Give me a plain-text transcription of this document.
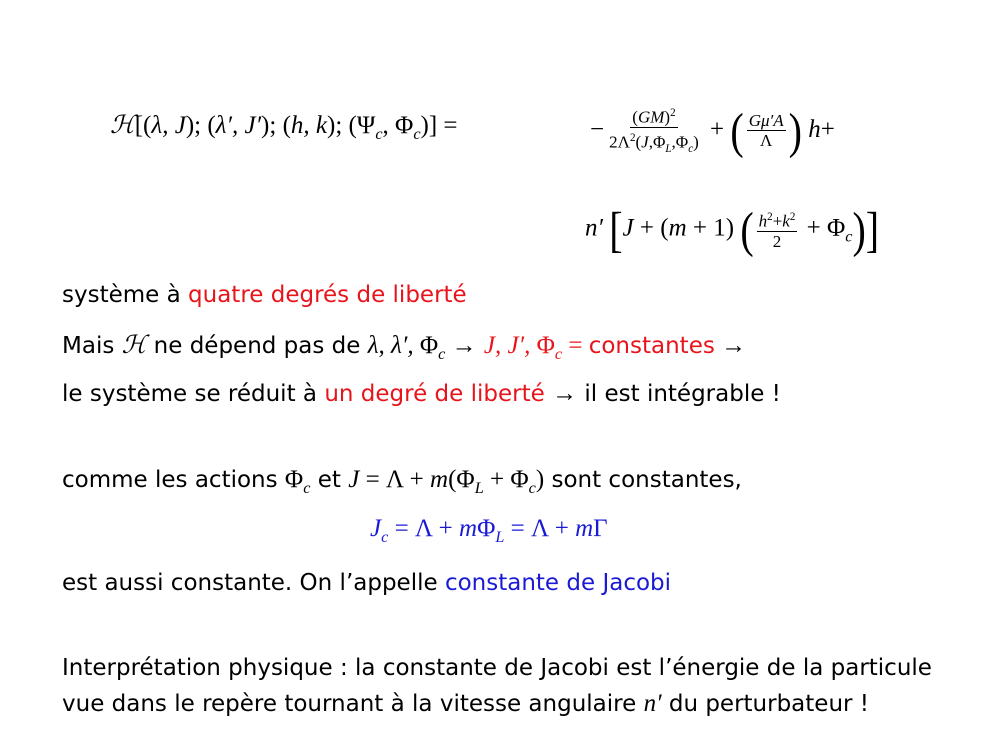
ℋ[(λ, J); (λ′, J′); (h, k); ($\Psi_c$, $\Phi_c$)] =	− $\frac{(GM)^2}{2\Lambda^2(J,\Phi_L,\Phi_c)}$ + ( $\frac{G\mu'A}{\Lambda}$ ) h+
n′ [J + (m + 1) ( $\frac{h^2+k^2}{2} + \Phi_c$)]
système à quatre degrés de liberté
Mais ℋ ne dépend pas de λ, λ′, $\Phi_c \to J$, J′, $\Phi_c$ = constantes →
le système se réduit à un degré de liberté → il est intégrable !
comme les actions $\Phi_c$ et $J = \Lambda + m(\Phi_L + \Phi_c)$ sont constantes,
$J_c = \Lambda + m\Phi_L = \Lambda + m\Gamma$
est aussi constante. On l’appelle constante de Jacobi
Interprétation physique : la constante de Jacobi est l’énergie de la particule
vue dans le repère tournant à la vitesse angulaire n′ du perturbateur !
